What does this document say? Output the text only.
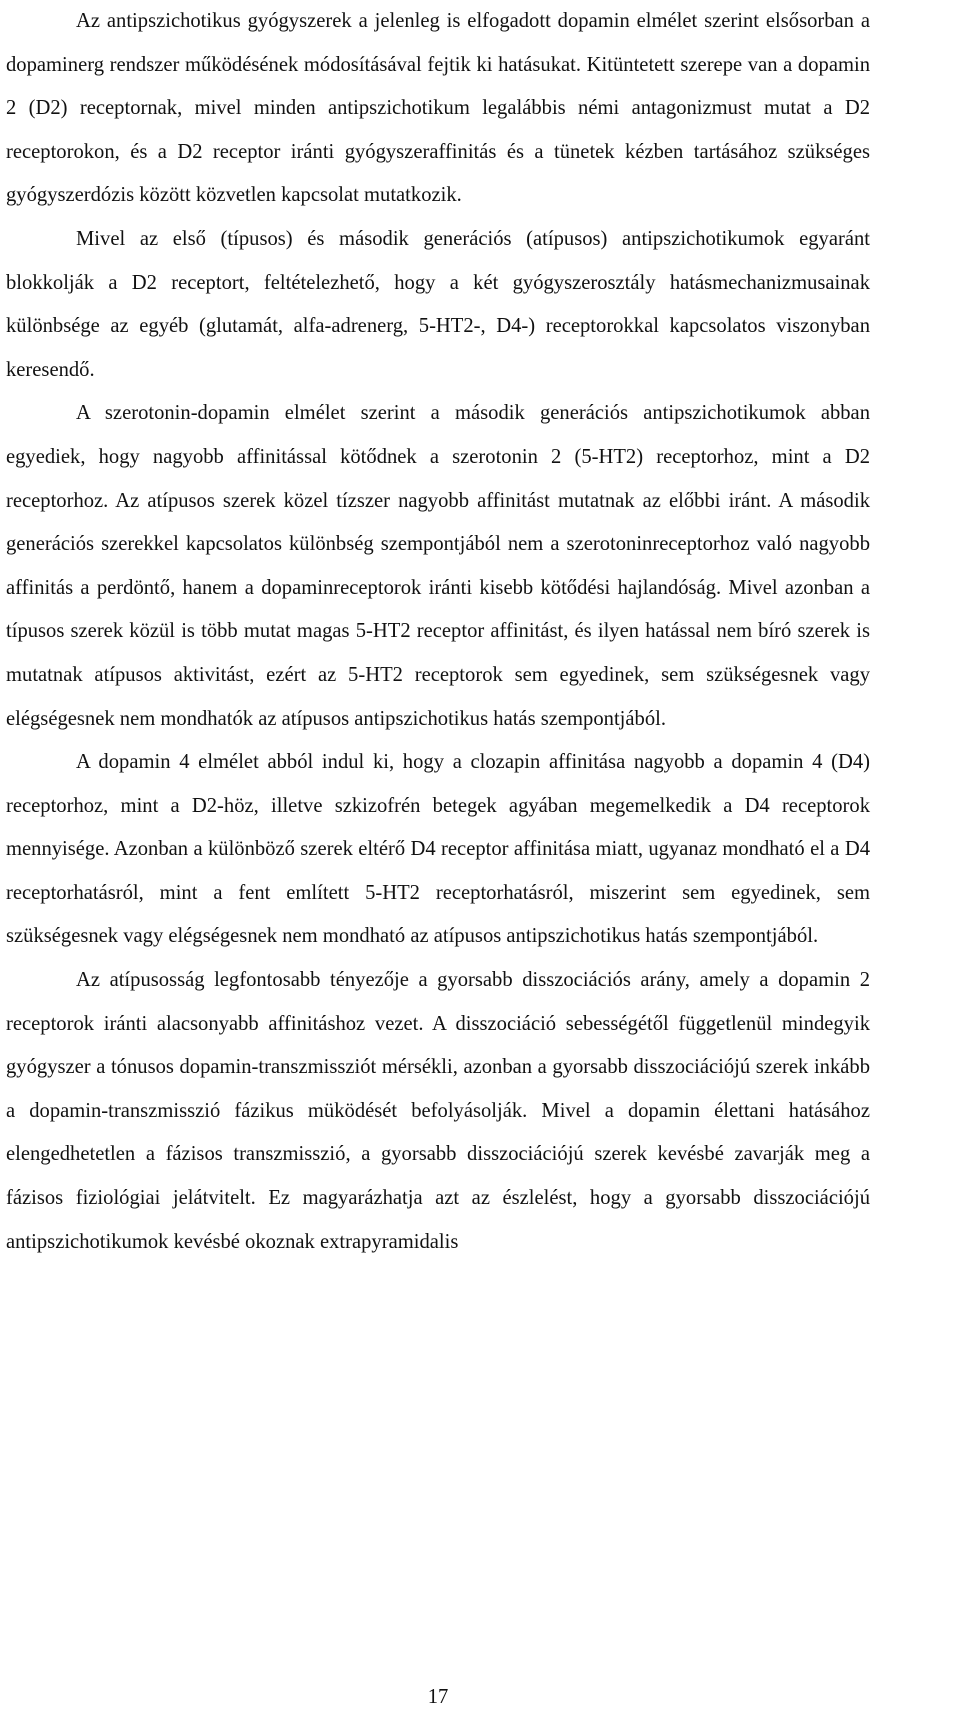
Az antipszichotikus gyógyszerek a jelenleg is elfogadott dopamin elmélet szerint elsősorban a dopaminerg rendszer működésének módosításával fejtik ki hatásukat. Kitüntetett szerepe van a dopamin 2 (D2) receptornak, mivel minden antipszichotikum legalábbis némi antagonizmust mutat a D2 receptorokon, és a D2 receptor iránti gyógyszeraffinitás és a tünetek kézben tartásához szükséges gyógyszerdózis között közvetlen kapcsolat mutatkozik.

Mivel az első (típusos) és második generációs (atípusos) antipszichotikumok egyaránt blokkolják a D2 receptort, feltételezhető, hogy a két gyógyszerosztály hatásmechanizmusainak különbsége az egyéb (glutamát, alfa-adrenerg, 5-HT2-, D4-) receptorokkal kapcsolatos viszonyban keresendő.

A szerotonin-dopamin elmélet szerint a második generációs antipszichotikumok abban egyediek, hogy nagyobb affinitással kötődnek a szerotonin 2 (5-HT2) receptorhoz, mint a D2 receptorhoz. Az atípusos szerek közel tízszer nagyobb affinitást mutatnak az előbbi iránt. A második generációs szerekkel kapcsolatos különbség szempontjából nem a szerotoninreceptorhoz való nagyobb affinitás a perdöntő, hanem a dopaminreceptorok iránti kisebb kötődési hajlandóság. Mivel azonban a típusos szerek közül is több mutat magas 5-HT2 receptor affinitást, és ilyen hatással nem bíró szerek is mutatnak atípusos aktivitást, ezért az 5-HT2 receptorok sem egyedinek, sem szükségesnek vagy elégségesnek nem mondhatók az atípusos antipszichotikus hatás szempontjából.

A dopamin 4 elmélet abból indul ki, hogy a clozapin affinitása nagyobb a dopamin 4 (D4) receptorhoz, mint a D2-höz, illetve szkizofrén betegek agyában megemelkedik a D4 receptorok mennyisége. Azonban a különböző szerek eltérő D4 receptor affinitása miatt, ugyanaz mondható el a D4 receptorhatásról, mint a fent említett 5-HT2 receptorhatásról, miszerint sem egyedinek, sem szükségesnek vagy elégségesnek nem mondható az atípusos antipszichotikus hatás szempontjából.

Az atípusosság legfontosabb tényezője a gyorsabb disszociációs arány, amely a dopamin 2 receptorok iránti alacsonyabb affinitáshoz vezet. A disszociáció sebességétől függetlenül mindegyik gyógyszer a tónusos dopamin-transzmissziót mérsékli, azonban a gyorsabb disszociációjú szerek inkább a dopamin-transzmisszió fázikus müködését befolyásolják. Mivel a dopamin élettani hatásához elengedhetetlen a fázisos transzmisszió, a gyorsabb disszociációjú szerek kevésbé zavarják meg a fázisos fiziológiai jelátvitelt. Ez magyarázhatja azt az észlelést, hogy a gyorsabb disszociációjú antipszichotikumok kevésbé okoznak extrapyramidalis

17
